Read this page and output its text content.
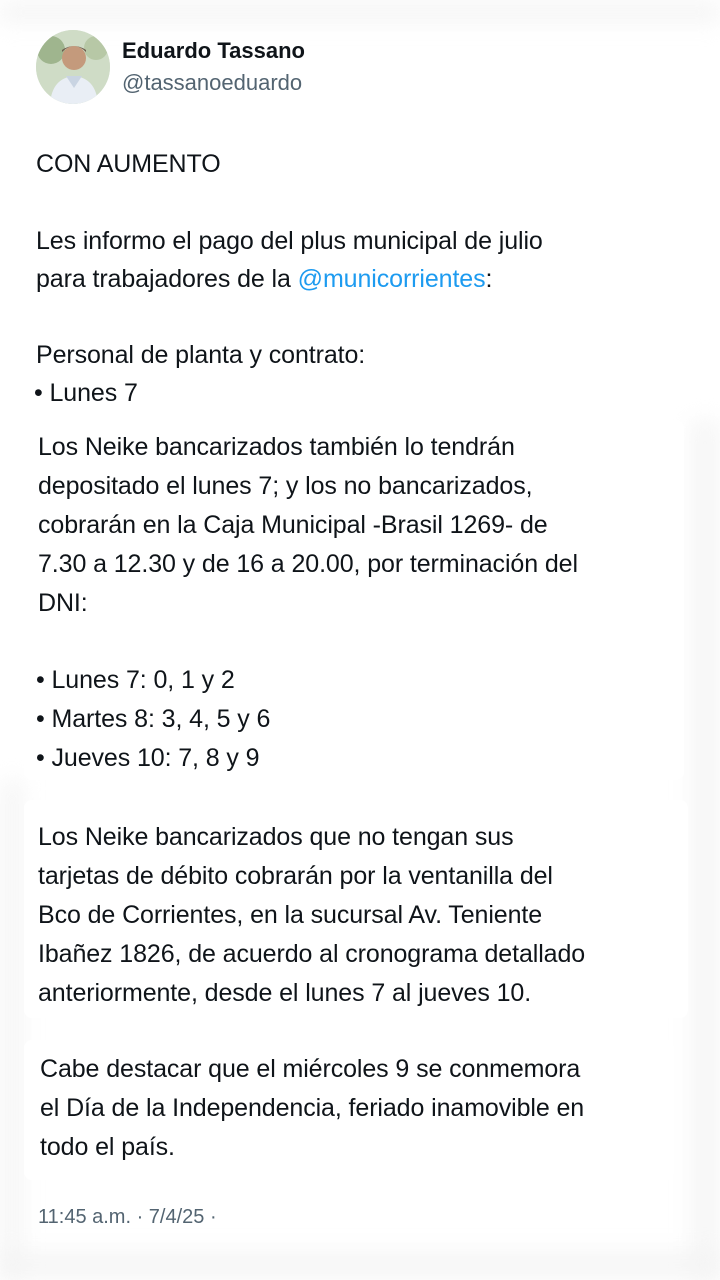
Eduardo Tassano
@tassanoeduardo
CON AUMENTO
Les informo el pago del plus municipal de julio
para trabajadores de la @municorrientes:
Personal de planta y contrato:
• Lunes 7
Los Neike bancarizados también lo tendrán
depositado el lunes 7; y los no bancarizados,
cobrarán en la Caja Municipal -Brasil 1269- de
7.30 a 12.30 y de 16 a 20.00, por terminación del
DNI:
• Lunes 7: 0, 1 y 2
• Martes 8: 3, 4, 5 y 6
• Jueves 10: 7, 8 y 9
Los Neike bancarizados que no tengan sus
tarjetas de débito cobrarán por la ventanilla del
Bco de Corrientes, en la sucursal Av. Teniente
Ibañez 1826, de acuerdo al cronograma detallado
anteriormente, desde el lunes 7 al jueves 10.
Cabe destacar que el miércoles 9 se conmemora
el Día de la Independencia, feriado inamovible en
todo el país.
11:45 a.m. · 7/4/25 ·
